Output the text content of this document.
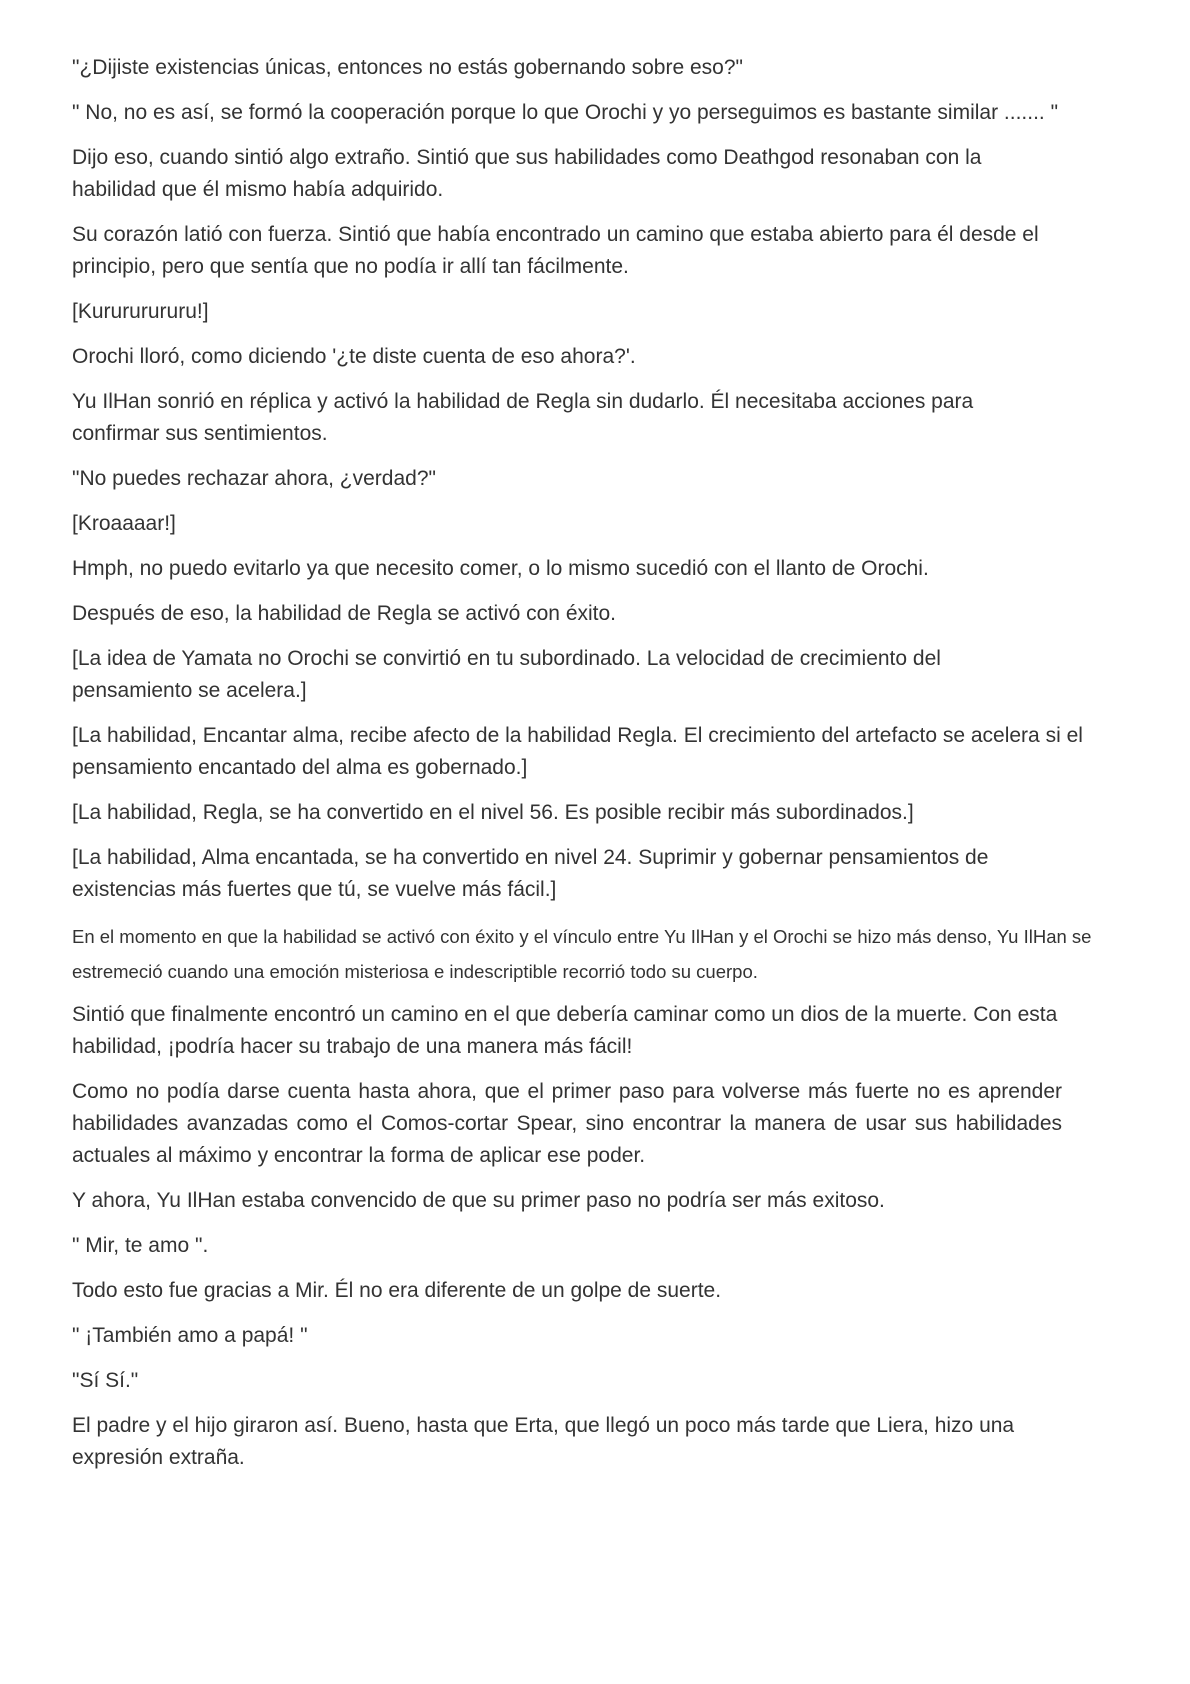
"¿Dijiste existencias únicas, entonces no estás gobernando sobre eso?"

" No, no es así, se formó la cooperación porque lo que Orochi y yo perseguimos es bastante similar ....... "

Dijo eso, cuando sintió algo extraño. Sintió que sus habilidades como Deathgod resonaban con la habilidad que él mismo había adquirido.

Su corazón latió con fuerza. Sintió que había encontrado un camino que estaba abierto para él desde el principio, pero que sentía que no podía ir allí tan fácilmente.

[Kurururururu!]

Orochi lloró, como diciendo '¿te diste cuenta de eso ahora?'.

Yu IlHan sonrió en réplica y activó la habilidad de Regla sin dudarlo. Él necesitaba acciones para confirmar sus sentimientos.

"No puedes rechazar ahora, ¿verdad?"

[Kroaaaar!]

Hmph, no puedo evitarlo ya que necesito comer, o lo mismo sucedió con el llanto de Orochi.

Después de eso, la habilidad de Regla se activó con éxito.

[La idea de Yamata no Orochi se convirtió en tu subordinado. La velocidad de crecimiento del pensamiento se acelera.]

[La habilidad, Encantar alma, recibe afecto de la habilidad Regla. El crecimiento del artefacto se acelera si el pensamiento encantado del alma es gobernado.]

[La habilidad, Regla, se ha convertido en el nivel 56. Es posible recibir más subordinados.]

[La habilidad, Alma encantada, se ha convertido en nivel 24. Suprimir y gobernar pensamientos de existencias más fuertes que tú, se vuelve más fácil.]

En el momento en que la habilidad se activó con éxito y el vínculo entre Yu IlHan y el Orochi se hizo más denso, Yu IlHan se estremeció cuando una emoción misteriosa e indescriptible recorrió todo su cuerpo.

Sintió que finalmente encontró un camino en el que debería caminar como un dios de la muerte. Con esta habilidad, ¡podría hacer su trabajo de una manera más fácil!

Como no podía darse cuenta hasta ahora, que el primer paso para volverse más fuerte no es aprender habilidades avanzadas como el Comos-cortar Spear, sino encontrar la manera de usar sus habilidades actuales al máximo y encontrar la forma de aplicar ese poder.

Y ahora, Yu IlHan estaba convencido de que su primer paso no podría ser más exitoso.

" Mir, te amo ".

Todo esto fue gracias a Mir. Él no era diferente de un golpe de suerte.

" ¡También amo a papá! "

"Sí Sí."

El padre y el hijo giraron así. Bueno, hasta que Erta, que llegó un poco más tarde que Liera, hizo una expresión extraña.
